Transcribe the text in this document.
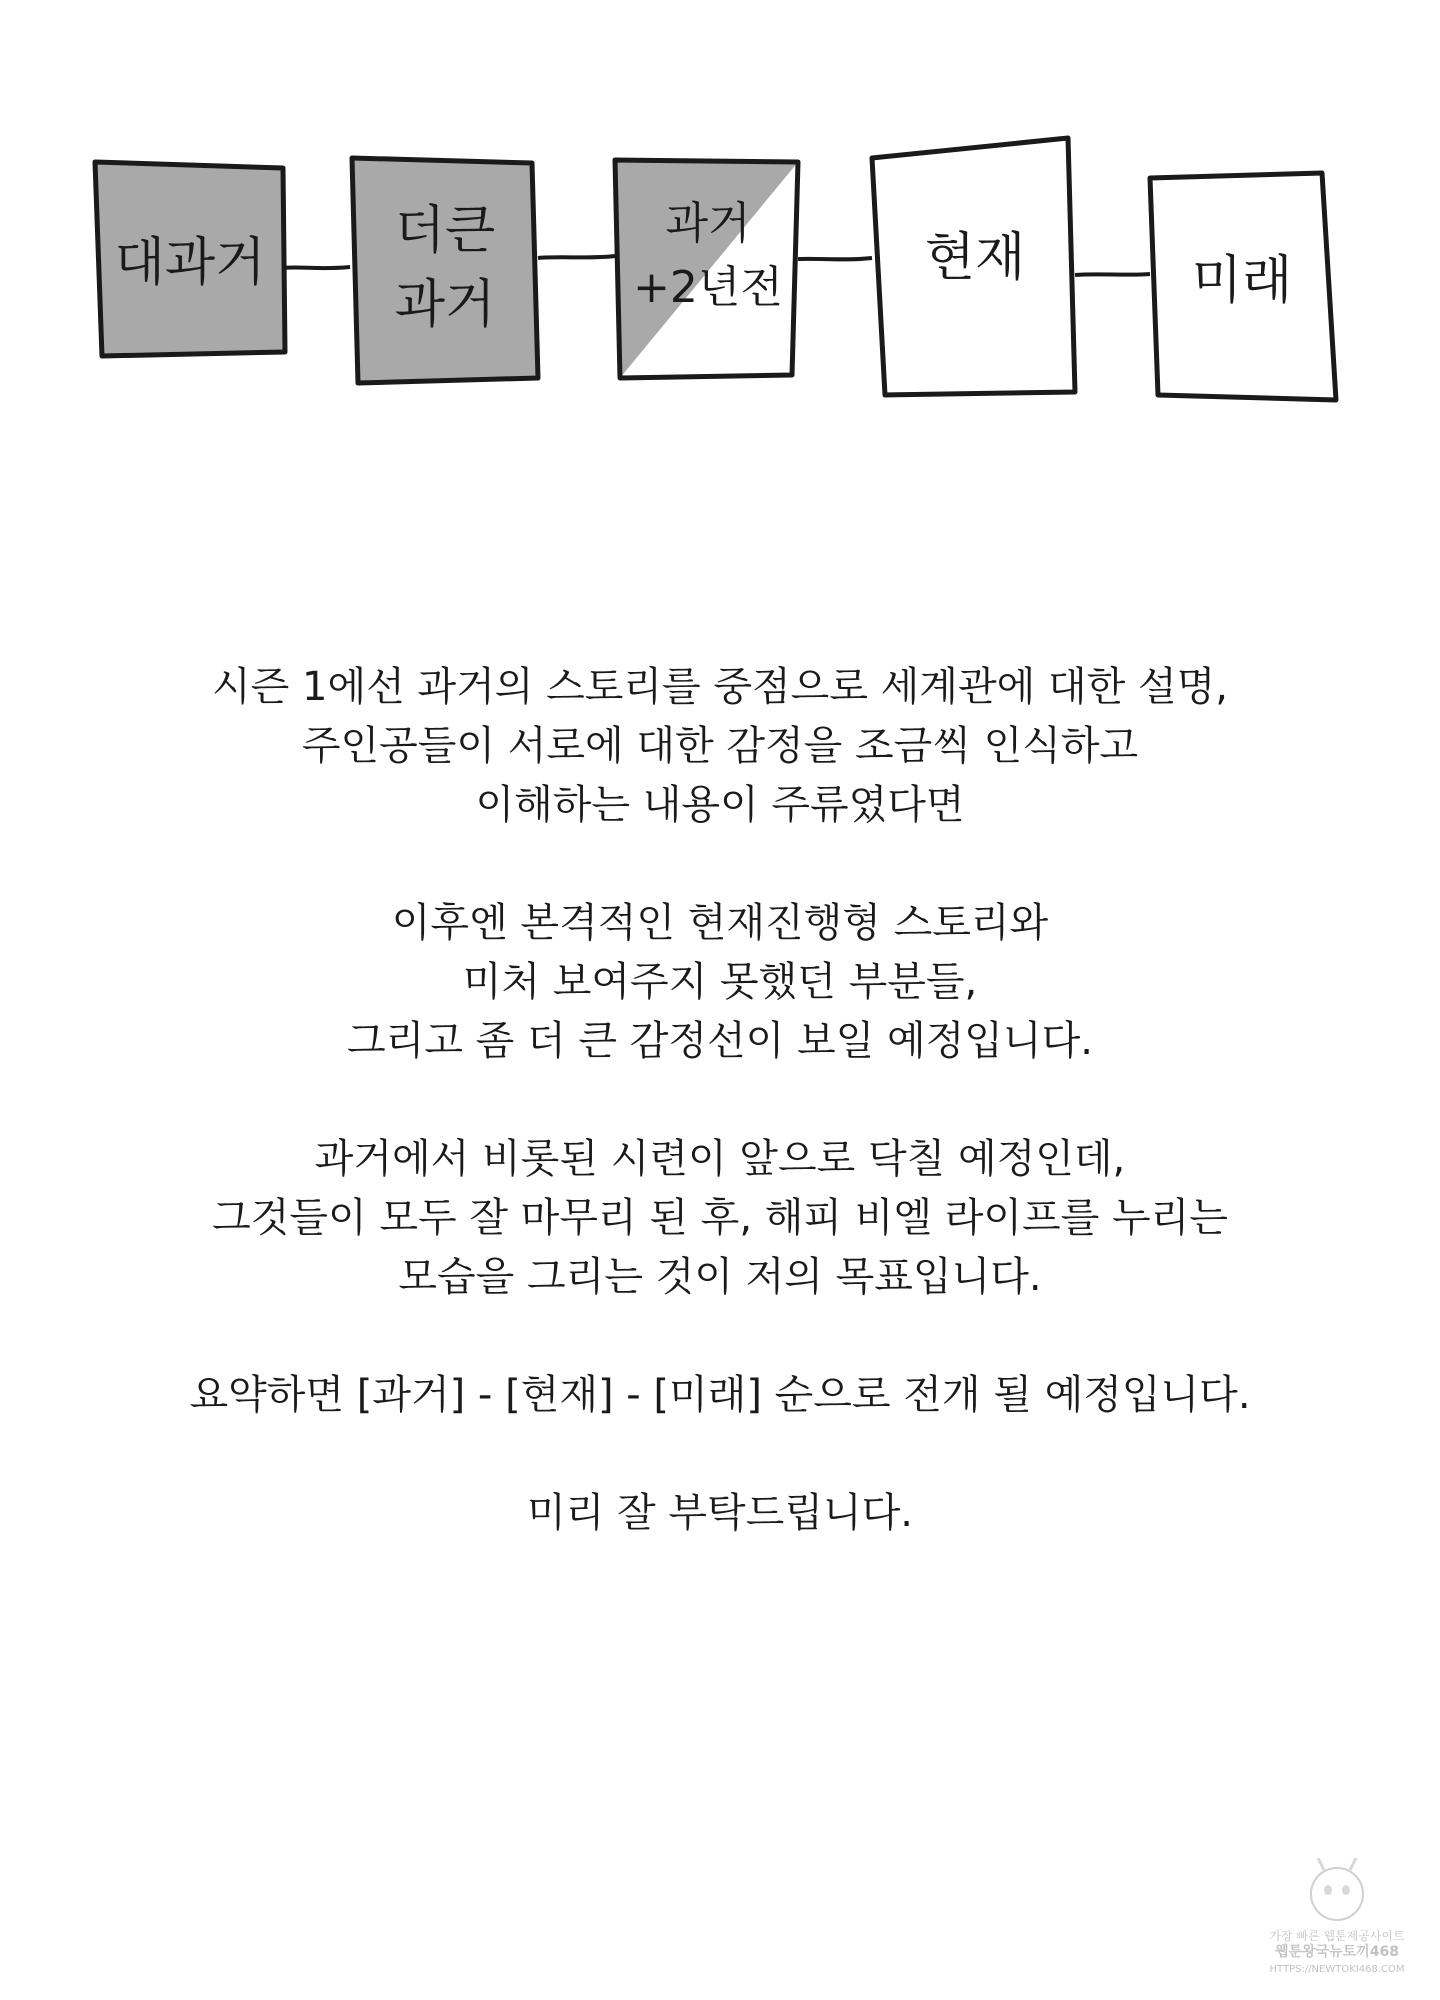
대과거
더큰
과거
과거
+2년전	현재	미래

시즌 1에선 과거의 스토리를 중점으로 세계관에 대한 설명,
주인공들이 서로에 대한 감정을 조금씩 인식하고
이해하는 내용이 주류였다면

이후엔 본격적인 현재진행형 스토리와
미처 보여주지 못했던 부분들,
그리고 좀 더 큰 감정선이 보일 예정입니다.

과거에서 비롯된 시련이 앞으로 닥칠 예정인데,
그것들이 모두 잘 마무리 된 후, 해피 비엘 라이프를 누리는
모습을 그리는 것이 저의 목표입니다.

요약하면 [과거] - [현재] - [미래] 순으로 전개 될 예정입니다.

미리 잘 부탁드립니다.

가장 빠른 웹툰제공사이트
웹툰왕국뉴토끼468
HTTPS://NEWTOKI468.COM
